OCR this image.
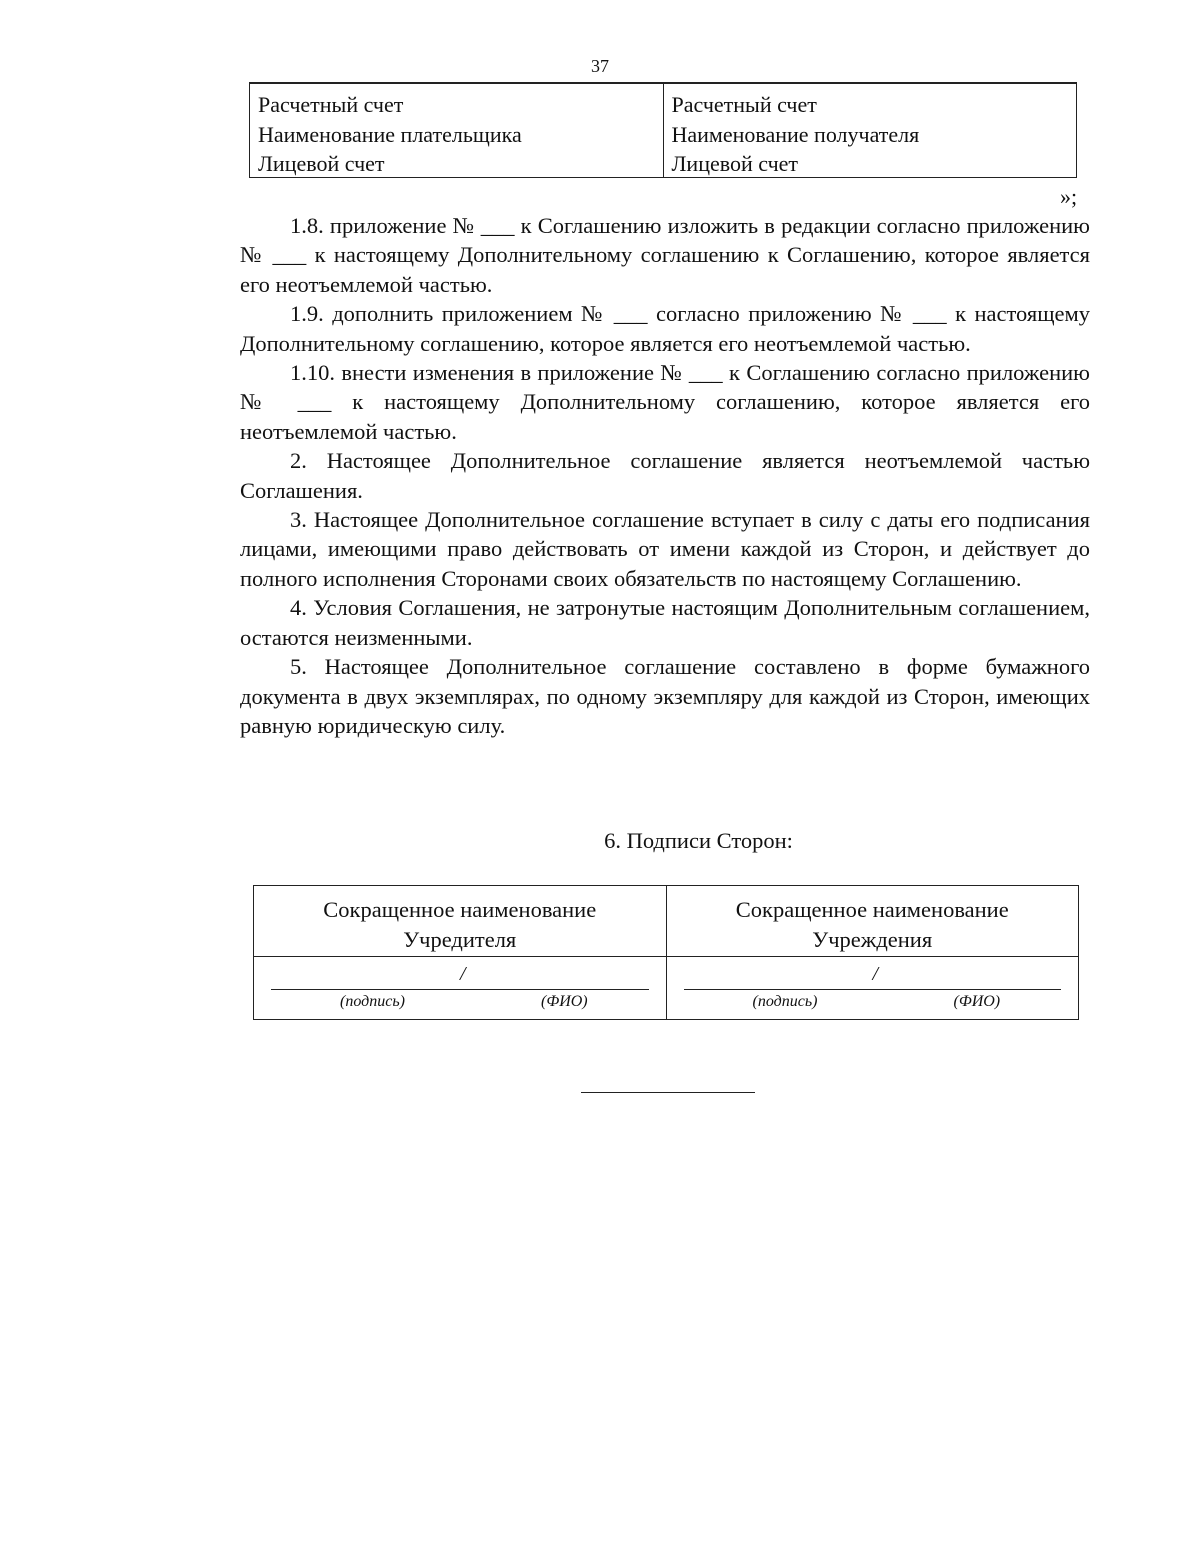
37
Расчетный счет
Наименование плательщика
Лицевой счет
Расчетный счет
Наименование получателя
Лицевой счет
»;

1.8. приложение № ___ к Соглашению изложить в редакции согласно приложению № ___ к настоящему Дополнительному соглашению к Соглашению, которое является его неотъемлемой частью.

1.9. дополнить приложением № ___ согласно приложению № ___ к настоящему Дополнительному соглашению, которое является его неотъемлемой частью.

1.10. внести изменения в приложение № ___ к Соглашению согласно приложению № ___ к настоящему Дополнительному соглашению, которое является его неотъемлемой частью.

2. Настоящее Дополнительное соглашение является неотъемлемой частью Соглашения.

3. Настоящее Дополнительное соглашение вступает в силу с даты его подписания лицами, имеющими право действовать от имени каждой из Сторон, и действует до полного исполнения Сторонами своих обязательств по настоящему Соглашению.

4. Условия Соглашения, не затронутые настоящим Дополнительным соглашением, остаются неизменными.

5. Настоящее Дополнительное соглашение составлено в форме бумажного документа в двух экземплярах, по одному экземпляру для каждой из Сторон, имеющих равную юридическую силу.

6. Подписи Сторон:
Сокращенное наименование
Учредителя
/
(подпись)	(ФИО)
Сокращенное наименование
Учреждения
/
(подпись)	(ФИО)
